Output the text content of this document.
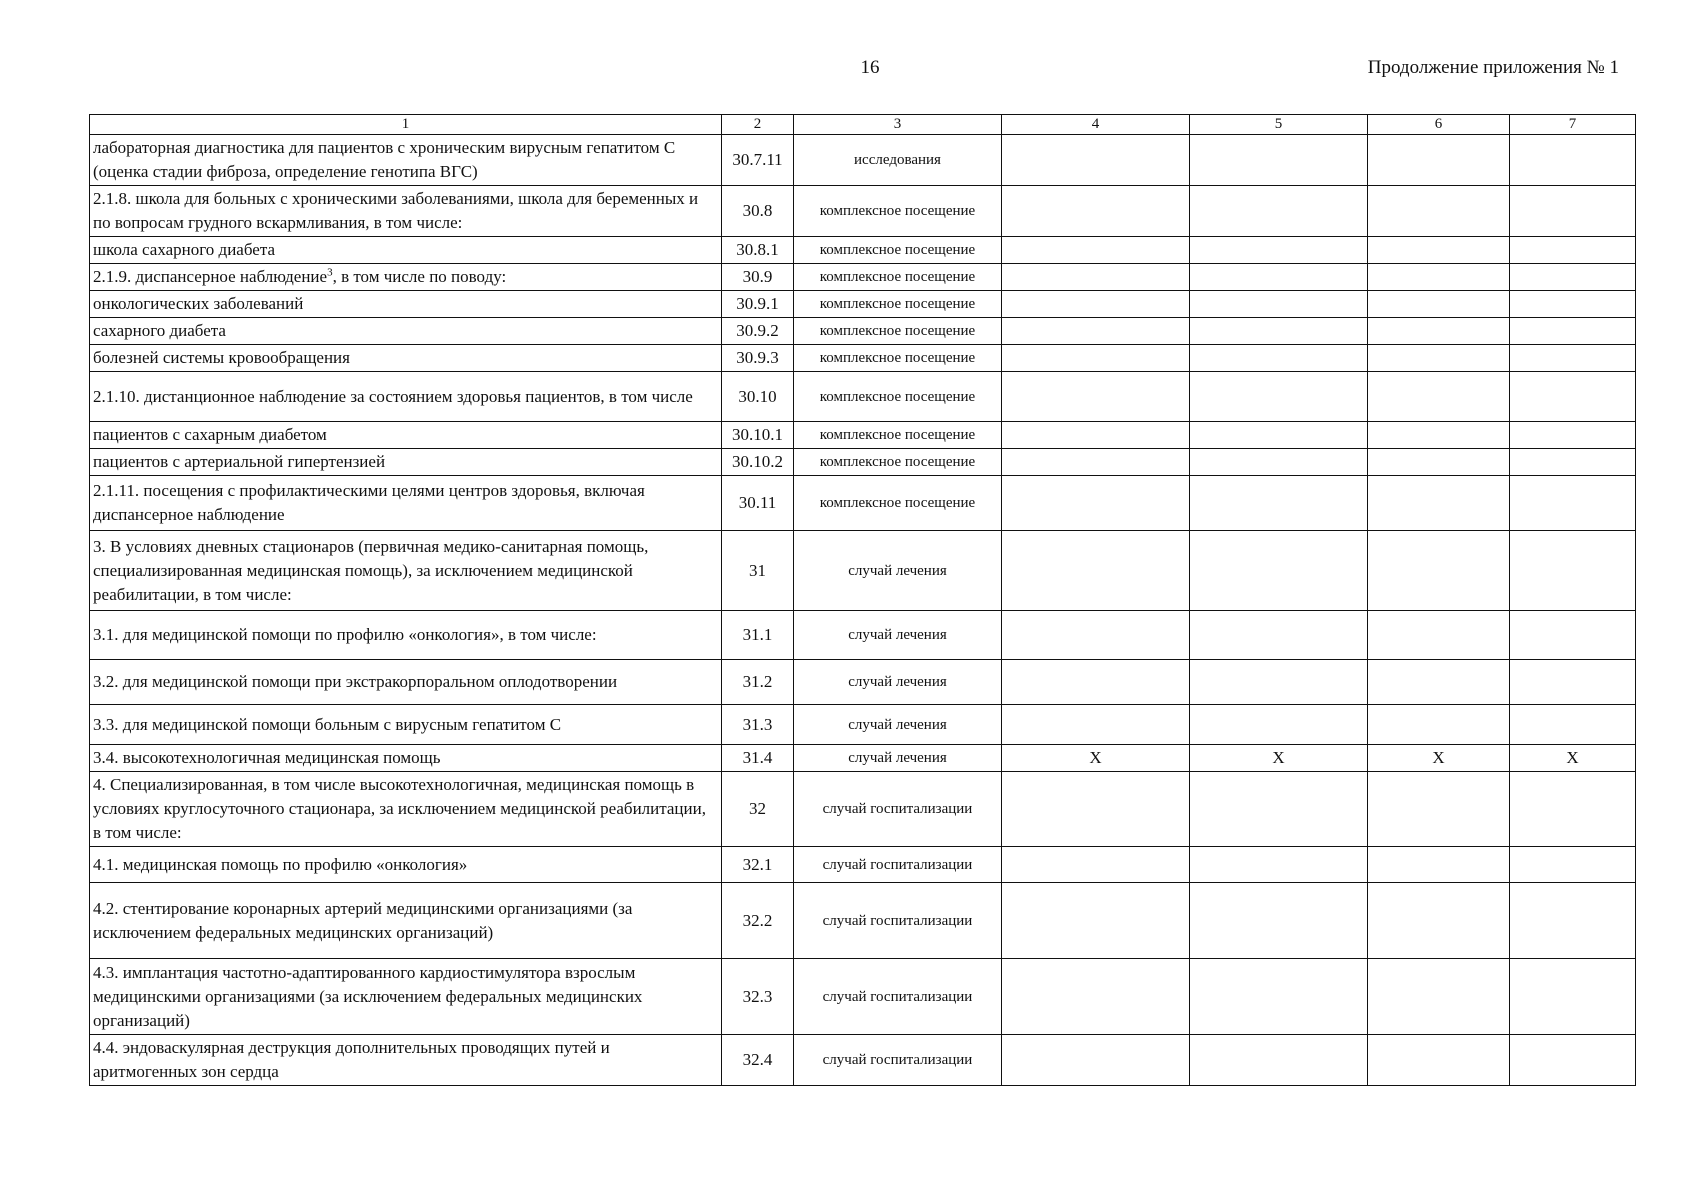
16	Продолжение приложения № 1
1	2	3	4	5	6	7
лабораторная диагностика для пациентов с хроническим вирусным гепатитом С (оценка стадии фиброза, определение генотипа ВГС)	30.7.11	исследования				
2.1.8. школа для больных с хроническими заболеваниями, школа для беременных и по вопросам грудного вскармливания, в том числе:	30.8	комплексное посещение				
школа сахарного диабета	30.8.1	комплексное посещение				
2.1.9. диспансерное наблюдение$^3$, в том числе по поводу:	30.9	комплексное посещение				
онкологических заболеваний	30.9.1	комплексное посещение				
сахарного диабета	30.9.2	комплексное посещение				
болезней системы кровообращения	30.9.3	комплексное посещение				
2.1.10. дистанционное наблюдение за состоянием здоровья пациентов, в том числе	30.10	комплексное посещение				
пациентов с сахарным диабетом	30.10.1	комплексное посещение				
пациентов с артериальной гипертензией	30.10.2	комплексное посещение				
2.1.11. посещения с профилактическими целями центров здоровья, включая диспансерное наблюдение	30.11	комплексное посещение				
3. В условиях дневных стационаров (первичная медико-санитарная помощь, специализированная медицинская помощь), за исключением медицинской реабилитации, в том числе:	31	случай лечения				
3.1. для медицинской помощи по профилю «онкология», в том числе:	31.1	случай лечения				
3.2. для медицинской помощи при экстракорпоральном оплодотворении	31.2	случай лечения				
3.3. для медицинской помощи больным с вирусным гепатитом С	31.3	случай лечения				
3.4. высокотехнологичная медицинская помощь	31.4	случай лечения	X	X	X	X
4. Специализированная, в том числе высокотехнологичная, медицинская помощь в условиях круглосуточного стационара, за исключением медицинской реабилитации, в том числе:	32	случай госпитализации				
4.1. медицинская помощь по профилю «онкология»	32.1	случай госпитализации				
4.2. стентирование коронарных артерий медицинскими организациями (за исключением федеральных медицинских организаций)	32.2	случай госпитализации				
4.3. имплантация частотно-адаптированного кардиостимулятора взрослым медицинскими организациями (за исключением федеральных медицинских организаций)	32.3	случай госпитализации				
4.4. эндоваскулярная деструкция дополнительных проводящих путей и аритмогенных зон сердца	32.4	случай госпитализации				
